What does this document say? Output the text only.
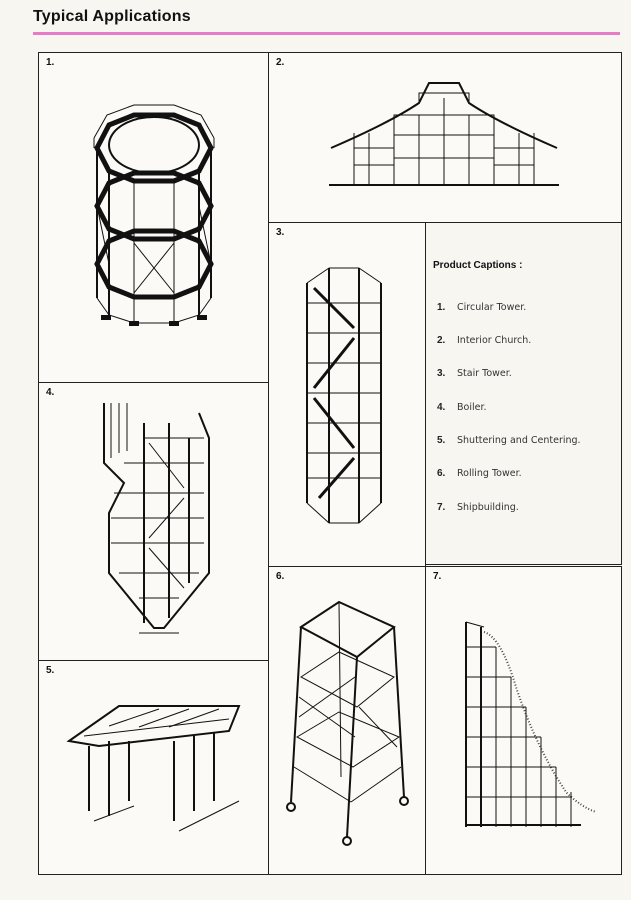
Typical Applications
1.	2.
3.
Product Captions :
1. Circular Tower.
2. Interior Church.
3. Stair Tower.
4. Boiler.
5. Shuttering and Centering.
6. Rolling Tower.
7. Shipbuilding.
4.
5.
6.	7.
